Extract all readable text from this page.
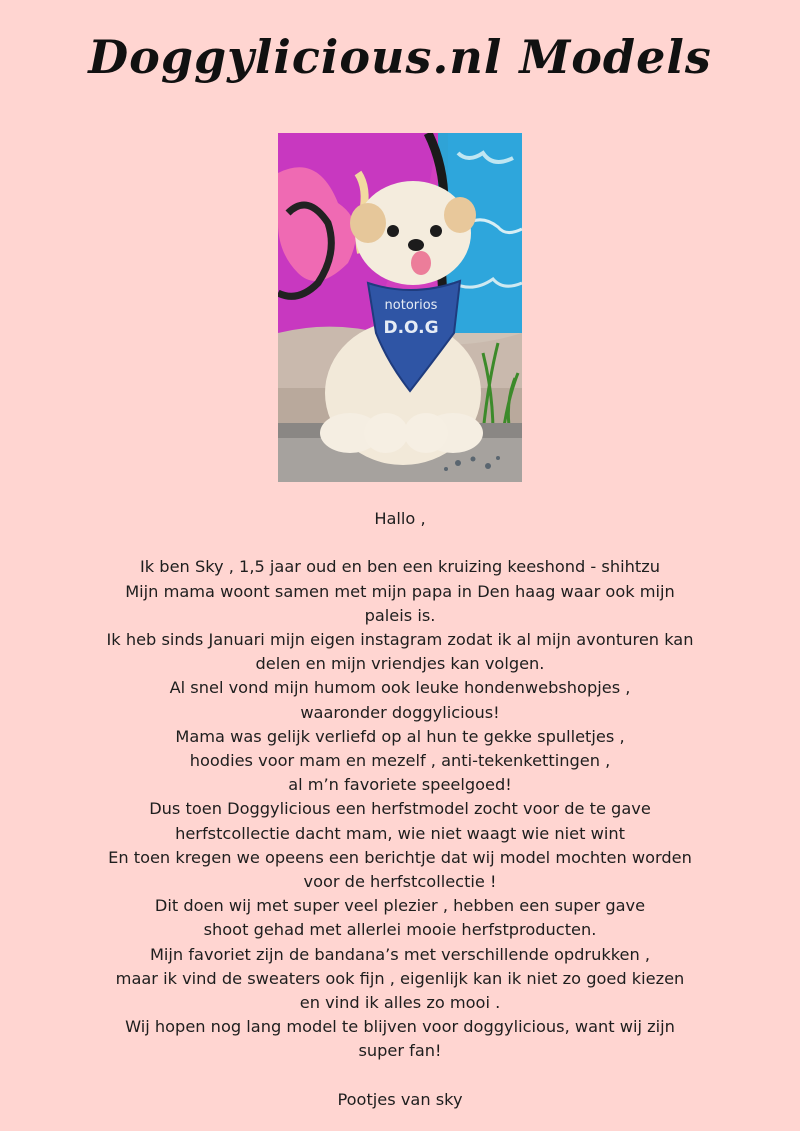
Doggylicious.nl Models
notorios
D.O.G
Hallo ,
Ik ben Sky , 1,5 jaar oud en ben een kruizing keeshond - shihtzu
Mijn mama woont samen met mijn papa in Den haag waar ook mijn
paleis is.
Ik heb sinds Januari mijn eigen instagram zodat ik al mijn avonturen kan
delen en mijn vriendjes kan volgen.
Al snel vond mijn humom ook leuke hondenwebshopjes ,
waaronder doggylicious!
Mama was gelijk verliefd op al hun te gekke spulletjes ,
hoodies voor mam en mezelf , anti-tekenkettingen ,
al m’n favoriete speelgoed!
Dus toen Doggylicious een herfstmodel zocht voor de te gave
herfstcollectie dacht mam, wie niet waagt wie niet wint
En toen kregen we opeens een berichtje dat wij model mochten worden
voor de herfstcollectie !
Dit doen wij met super veel plezier , hebben een super gave
shoot gehad met allerlei mooie herfstproducten.
Mijn favoriet zijn de bandana’s met verschillende opdrukken ,
maar ik vind de sweaters ook fijn , eigenlijk kan ik niet zo goed kiezen
en vind ik alles zo mooi .
Wij hopen nog lang model te blijven voor doggylicious, want wij zijn
super fan!
Pootjes van sky
